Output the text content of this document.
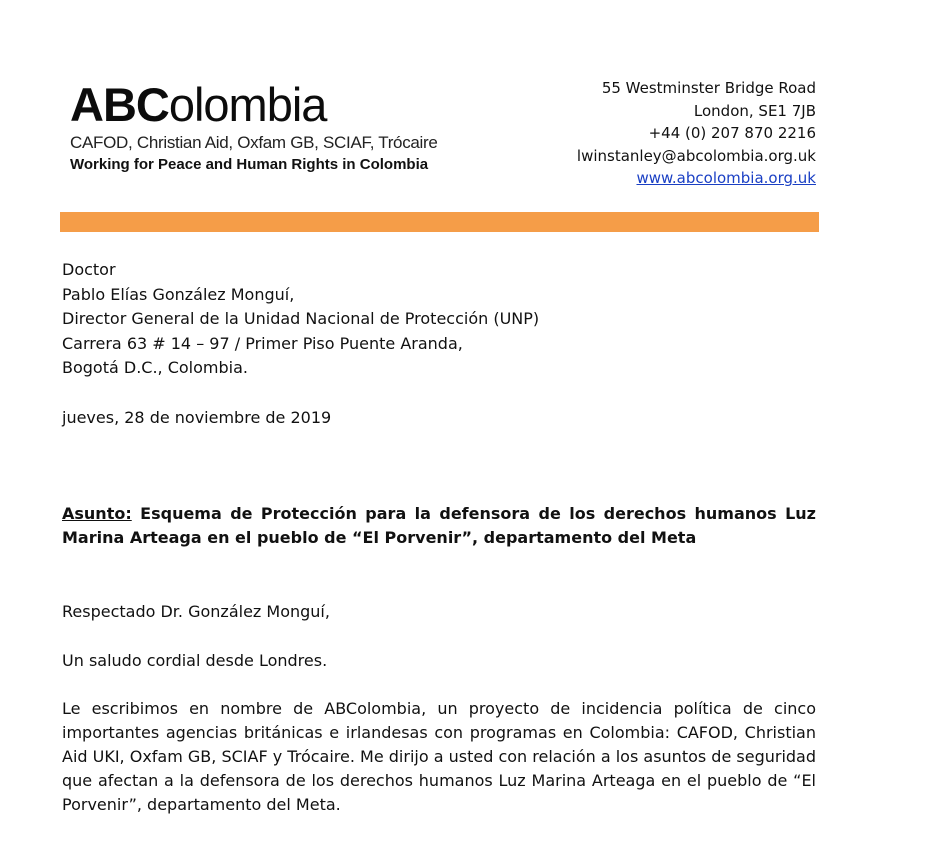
ABColombia
CAFOD, Christian Aid, Oxfam GB, SCIAF, Trócaire
Working for Peace and Human Rights in Colombia
55 Westminster Bridge Road
London, SE1 7JB
+44 (0) 207 870 2216
lwinstanley@abcolombia.org.uk
www.abcolombia.org.uk
Doctor
Pablo Elías González Monguí,
Director General de la Unidad Nacional de Protección (UNP)
Carrera 63 # 14 – 97 / Primer Piso Puente Aranda,
Bogotá D.C., Colombia.
jueves, 28 de noviembre de 2019
Asunto: Esquema de Protección para la defensora de los derechos humanos Luz Marina Arteaga en el pueblo de “El Porvenir”, departamento del Meta
Respectado Dr. González Monguí,
Un saludo cordial desde Londres.
Le escribimos en nombre de ABColombia, un proyecto de incidencia política de cinco importantes agencias británicas e irlandesas con programas en Colombia: CAFOD, Christian Aid UKI, Oxfam GB, SCIAF y Trócaire. Me dirijo a usted con relación a los asuntos de seguridad que afectan a la defensora de los derechos humanos Luz Marina Arteaga en el pueblo de “El Porvenir”, departamento del Meta.
